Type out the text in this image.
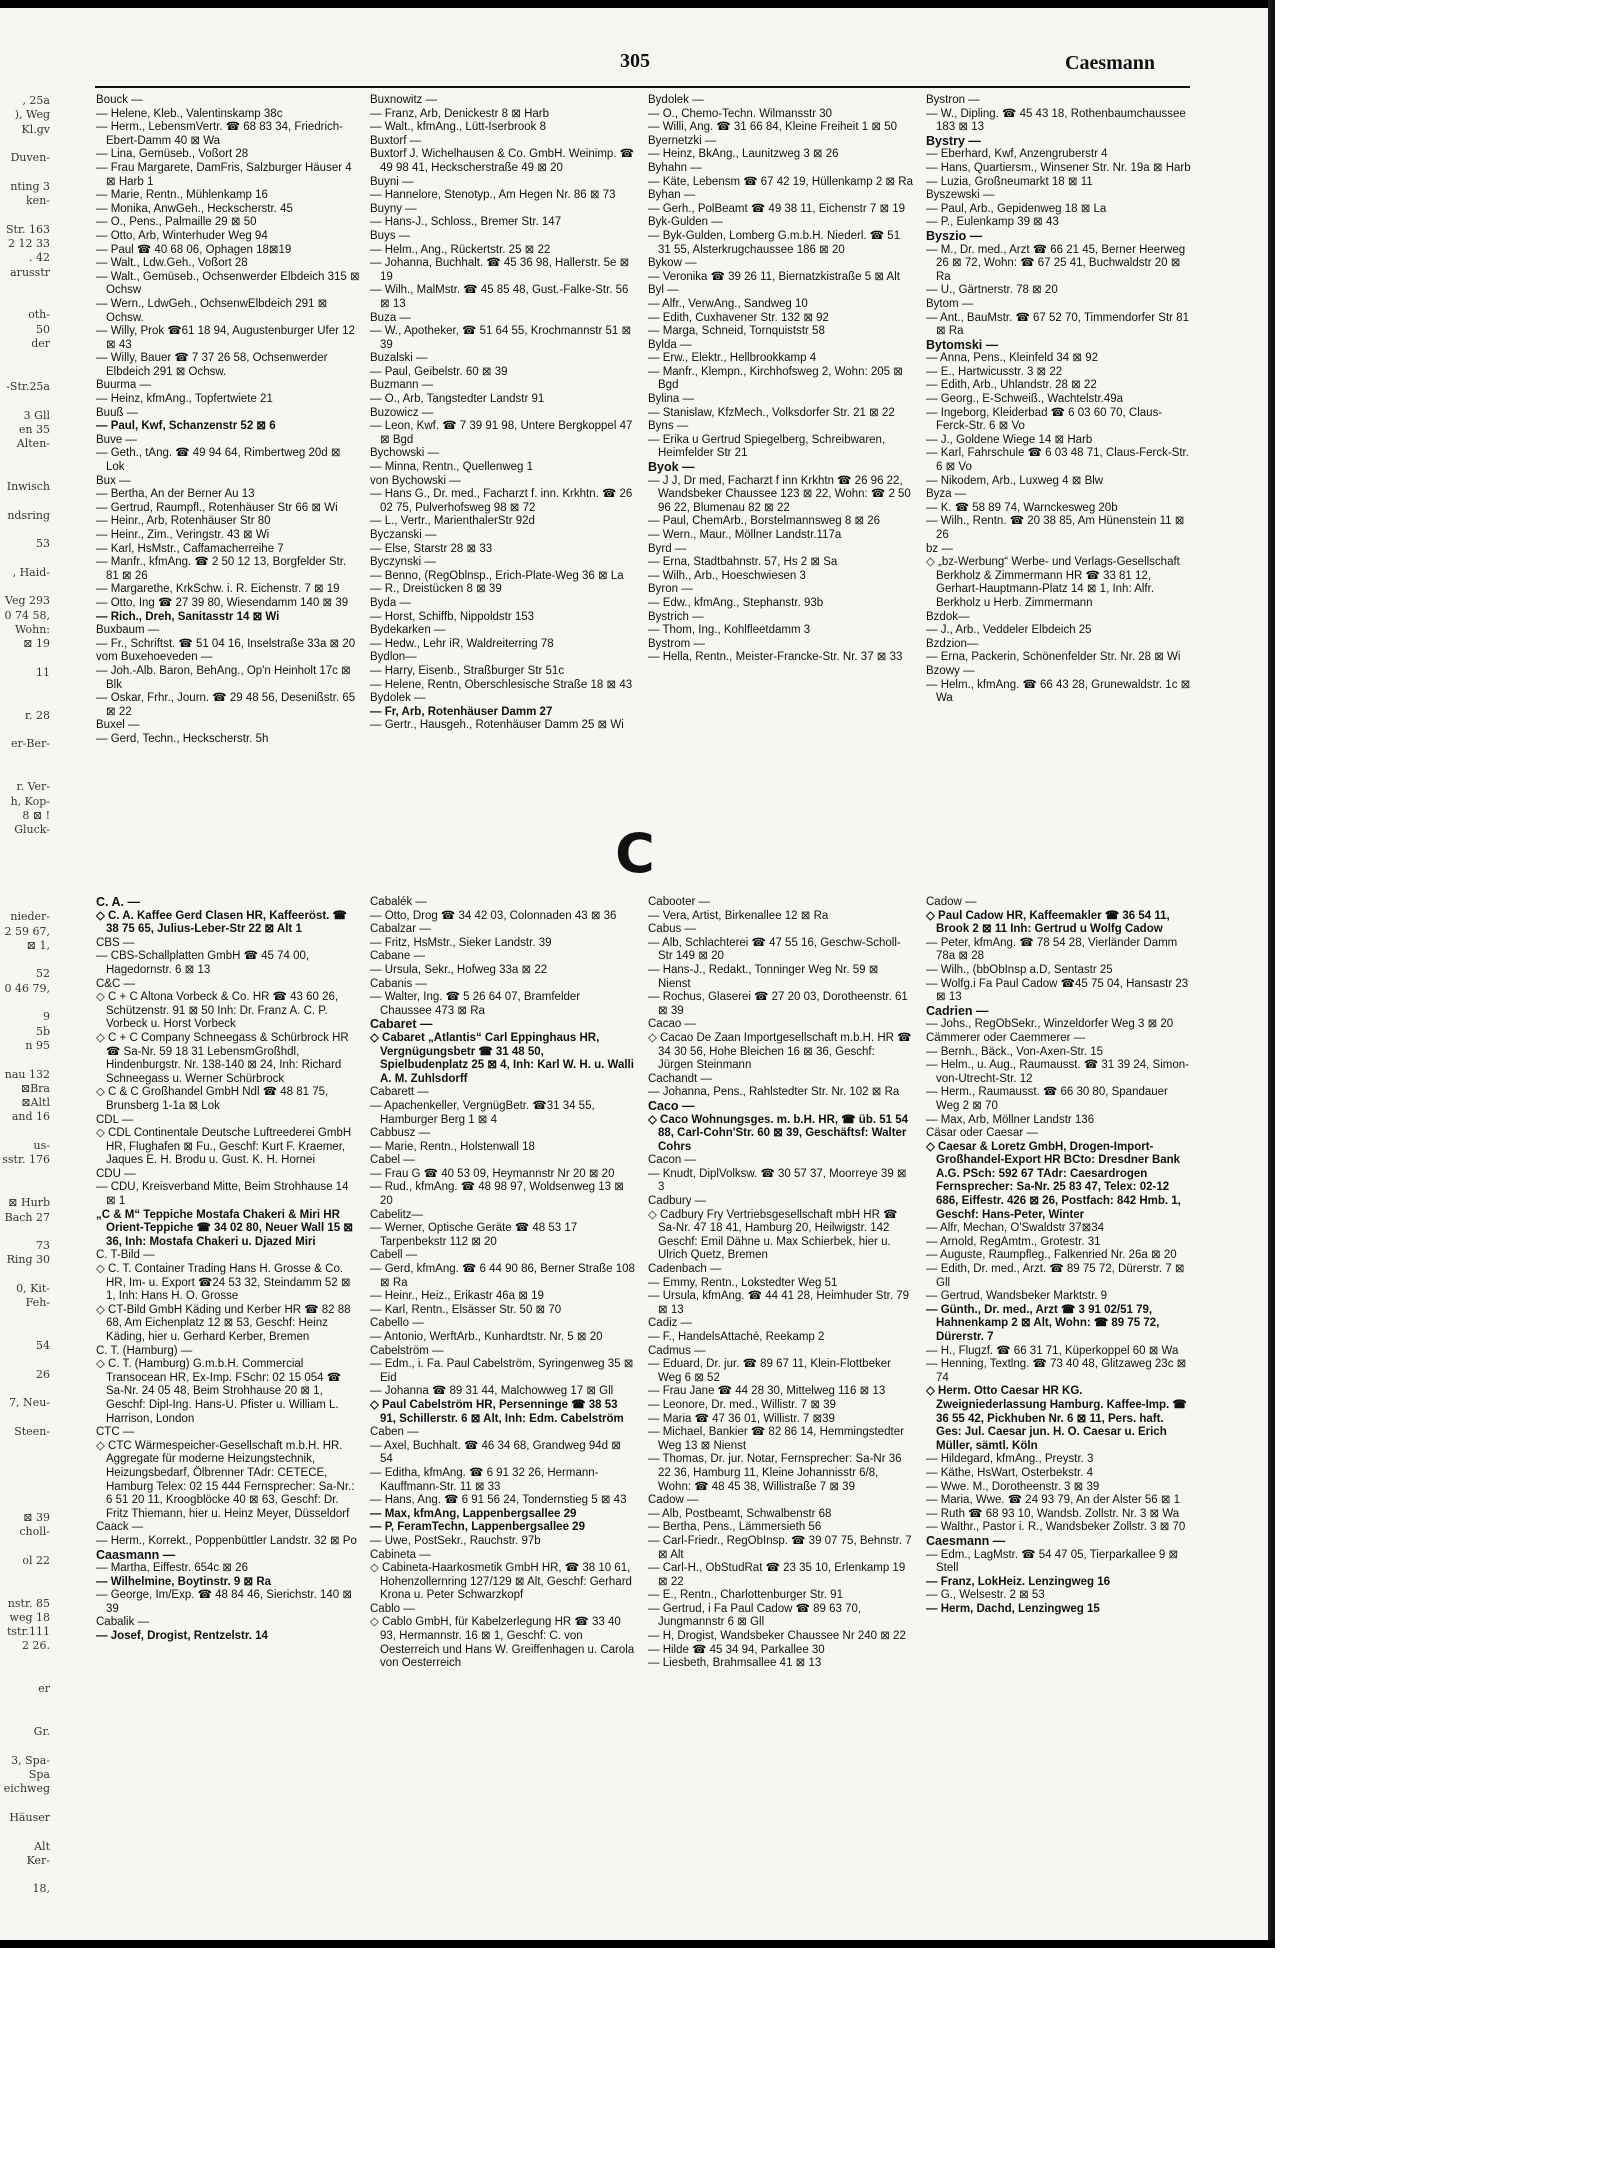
305	Caesmann
, 25a
), Weg
Kl.gv

Duven-

nting 3
ken-

Str. 163
2 12 33
. 42
arusstr

oth-
50
der

-Str.25a

3 Gll
en 35
Alten-

Inwisch

ndsring

53

, Haid-

Veg 293
0 74 58,
Wohn:
⊠ 19

11

r. 28

er-Ber-

r. Ver-
h, Kop-
8 ⊠ !
Gluck-

nieder-
2 59 67,
⊠ 1,

52
0 46 79,

9
5b
n 95

nau 132
⊠Bra
⊠Altl
and 16

us-
sstr. 176

⊠ Hurb
Bach 27

73
Ring 30

0, Kit-
Feh-

54

26

7, Neu-

Steen-

⊠ 39
choll-

ol 22

nstr. 85
weg 18
tstr.111
2 26.

er

Gr.

3, Spa-
Spa
eichweg

Häuser

Alt
Ker-

18,
Bouck —
— Helene, Kleb., Valentinskamp 38c
— Herm., LebensmVertr. ☎ 68 83 34, Friedrich-Ebert-Damm 40 ⊠ Wa
— Lina, Gemüseb., Voßort 28
— Frau Margarete, DamFris, Salzburger Häuser 4 ⊠ Harb 1
— Marie, Rentn., Mühlenkamp 16
— Monika, AnwGeh., Heckscherstr. 45
— O., Pens., Palmaille 29 ⊠ 50
— Otto, Arb, Winterhuder Weg 94
— Paul ☎ 40 68 06, Ophagen 18⊠19
— Walt., Ldw.Geh., Voßort 28
— Walt., Gemüseb., Ochsenwerder Elbdeich 315 ⊠ Ochsw
— Wern., LdwGeh., OchsenwElbdeich 291 ⊠ Ochsw.
— Willy, Prok ☎61 18 94, Augustenburger Ufer 12 ⊠ 43
— Willy, Bauer ☎ 7 37 26 58, Ochsenwerder Elbdeich 291 ⊠ Ochsw.
Buurma —
— Heinz, kfmAng., Topfertwiete 21
Buuß —
— Paul, Kwf, Schanzenstr 52 ⊠ 6
Buve —
— Geth., tAng. ☎ 49 94 64, Rimbertweg 20d ⊠ Lok
Bux —
— Bertha, An der Berner Au 13
— Gertrud, Raumpfl., Rotenhäuser Str 66 ⊠ Wi
— Heinr., Arb, Rotenhäuser Str 80
— Heinr., Zim., Veringstr. 43 ⊠ Wi
— Karl, HsMstr., Caffamacherreihe 7
— Manfr., kfmAng. ☎ 2 50 12 13, Borgfelder Str. 81 ⊠ 26
— Margarethe, KrkSchw. i. R. Eichenstr. 7 ⊠ 19
— Otto, Ing ☎ 27 39 80, Wiesendamm 140 ⊠ 39
— Rich., Dreh, Sanitasstr 14 ⊠ Wi
Buxbaum —
— Fr., Schriftst. ☎ 51 04 16, Inselstraße 33a ⊠ 20
vom Buxehoeveden —
— Joh.-Alb. Baron, BehAng., Op'n Heinholt 17c ⊠ Blk
— Oskar, Frhr., Journ. ☎ 29 48 56, Desenißstr. 65 ⊠ 22
Buxel —
— Gerd, Techn., Heckscherstr. 5h
Buxnowitz —
— Franz, Arb, Denickestr 8 ⊠ Harb
— Walt., kfmAng., Lütt-Iserbrook 8
Buxtorf —
Buxtorf J. Wichelhausen & Co. GmbH. Weinimp. ☎ 49 98 41, Heckscherstraße 49 ⊠ 20
Buyni —
— Hannelore, Stenotyp., Am Hegen Nr. 86 ⊠ 73
Buyny —
— Hans-J., Schloss., Bremer Str. 147
Buys —
— Helm., Ang., Rückertstr. 25 ⊠ 22
— Johanna, Buchhalt. ☎ 45 36 98, Hallerstr. 5e ⊠ 19
— Wilh., MalMstr. ☎ 45 85 48, Gust.-Falke-Str. 56 ⊠ 13
Buza —
— W., Apotheker, ☎ 51 64 55, Krochmannstr 51 ⊠ 39
Buzalski —
— Paul, Geibelstr. 60 ⊠ 39
Buzmann —
— O., Arb, Tangstedter Landstr 91
Buzowicz —
— Leon, Kwf. ☎ 7 39 91 98, Untere Bergkoppel 47 ⊠ Bgd
Bychowski —
— Minna, Rentn., Quellenweg 1
von Bychowski —
— Hans G., Dr. med., Facharzt f. inn. Krkhtn. ☎ 26 02 75, Pulverhofsweg 98 ⊠ 72
— L., Vertr., MarienthalerStr 92d
Byczanski —
— Else, Starstr 28 ⊠ 33
Byczynski —
— Benno, (RegOblnsp., Erich-Plate-Weg 36 ⊠ La
— R., Dreistücken 8 ⊠ 39
Byda —
— Horst, Schiffb, Nippoldstr 153
Bydekarken —
— Hedw., Lehr iR, Waldreiterring 78
Bydlon—
— Harry, Eisenb., Straßburger Str 51c
— Helene, Rentn, Oberschlesische Straße 18 ⊠ 43
Bydolek —
— Fr, Arb, Rotenhäuser Damm 27
— Gertr., Hausgeh., Rotenhäuser Damm 25 ⊠ Wi
Bydolek —
— O., Chemo-Techn. Wilmansstr 30
— Willi, Ang. ☎ 31 66 84, Kleine Freiheit 1 ⊠ 50
Byernetzki —
— Heinz, BkAng., Launitzweg 3 ⊠ 26
Byhahn —
— Käte, Lebensm ☎ 67 42 19, Hüllenkamp 2 ⊠ Ra
Byhan —
— Gerh., PolBeamt ☎ 49 38 11, Eichenstr 7 ⊠ 19
Byk-Gulden —
— Byk-Gulden, Lomberg G.m.b.H. Niederl. ☎ 51 31 55, Alsterkrugchaussee 186 ⊠ 20
Bykow —
— Veronika ☎ 39 26 11, Biernatzkistraße 5 ⊠ Alt
Byl —
— Alfr., VerwAng., Sandweg 10
— Edith, Cuxhavener Str. 132 ⊠ 92
— Marga, Schneid, Tornquiststr 58
Bylda —
— Erw., Elektr., Hellbrookkamp 4
— Manfr., Klempn., Kirchhofsweg 2, Wohn: 205 ⊠ Bgd
Bylina —
— Stanislaw, KfzMech., Volksdorfer Str. 21 ⊠ 22
Byns —
— Erika u Gertrud Spiegelberg, Schreibwaren, Heimfelder Str 21
Byok —
— J J, Dr med, Facharzt f inn Krkhtn ☎ 26 96 22, Wandsbeker Chaussee 123 ⊠ 22, Wohn: ☎ 2 50 96 22, Blumenau 82 ⊠ 22
— Paul, ChemArb., Borstelmannsweg 8 ⊠ 26
— Wern., Maur., Möllner Landstr.117a
Byrd —
— Erna, Stadtbahnstr. 57, Hs 2 ⊠ Sa
— Wilh., Arb., Hoeschwiesen 3
Byron —
— Edw., kfmAng., Stephanstr. 93b
Bystrich —
— Thom, Ing., Kohlfleetdamm 3
Bystrom —
— Hella, Rentn., Meister-Francke-Str. Nr. 37 ⊠ 33
Bystron —
— W., Dipling. ☎ 45 43 18, Rothenbaumchaussee 183 ⊠ 13
Bystry —
— Eberhard, Kwf, Anzengruberstr 4
— Hans, Quartiersm., Winsener Str. Nr. 19a ⊠ Harb
— Luzia, Großneumarkt 18 ⊠ 11
Byszewski —
— Paul, Arb., Gepidenweg 18 ⊠ La
— P., Eulenkamp 39 ⊠ 43
Byszio —
— M., Dr. med., Arzt ☎ 66 21 45, Berner Heerweg 26 ⊠ 72, Wohn: ☎ 67 25 41, Buchwaldstr 20 ⊠ Ra
— U., Gärtnerstr. 78 ⊠ 20
Bytom —
— Ant., BauMstr. ☎ 67 52 70, Timmendorfer Str 81 ⊠ Ra
Bytomski —
— Anna, Pens., Kleinfeld 34 ⊠ 92
— E., Hartwicusstr. 3 ⊠ 22
— Edith, Arb., Uhlandstr. 28 ⊠ 22
— Georg., E-Schweiß., Wachtelstr.49a
— Ingeborg, Kleiderbad ☎ 6 03 60 70, Claus-Ferck-Str. 6 ⊠ Vo
— J., Goldene Wiege 14 ⊠ Harb
— Karl, Fahrschule ☎ 6 03 48 71, Claus-Ferck-Str. 6 ⊠ Vo
— Nikodem, Arb., Luxweg 4 ⊠ Blw
Byza —
— K. ☎ 58 89 74, Warnckesweg 20b
— Wilh., Rentn. ☎ 20 38 85, Am Hünenstein 11 ⊠ 26
bz —
◇ „bz-Werbung“ Werbe- und Verlags-Gesellschaft Berkholz & Zimmermann HR ☎ 33 81 12, Gerhart-Hauptmann-Platz 14 ⊠ 1, Inh: Alfr. Berkholz u Herb. Zimmermann
Bzdok—
— J., Arb., Veddeler Elbdeich 25
Bzdzion—
— Erna, Packerin, Schönenfelder Str. Nr. 28 ⊠ Wi
Bzowy —
— Helm., kfmAng. ☎ 66 43 28, Grunewaldstr. 1c ⊠ Wa
C
C. A. —
◇ C. A. Kaffee Gerd Clasen HR, Kaffeeröst. ☎ 38 75 65, Julius-Leber-Str 22 ⊠ Alt 1
CBS —
— CBS-Schallplatten GmbH ☎ 45 74 00, Hagedornstr. 6 ⊠ 13
C&C —
◇ C + C Altona Vorbeck & Co. HR ☎ 43 60 26, Schützenstr. 91 ⊠ 50 Inh: Dr. Franz A. C. P. Vorbeck u. Horst Vorbeck
◇ C + C Company Schneegass & Schürbrock HR ☎ Sa-Nr. 59 18 31 LebensmGroßhdl, Hindenburgstr. Nr. 138-140 ⊠ 24, Inh: Richard Schneegass u. Werner Schürbrock
◇ C & C Großhandel GmbH Ndl ☎ 48 81 75, Brunsberg 1-1a ⊠ Lok
CDL —
◇ CDL Continentale Deutsche Luftreederei GmbH HR, Flughafen ⊠ Fu., Geschf: Kurt F. Kraemer, Jaques E. H. Brodu u. Gust. K. H. Hornei
CDU —
— CDU, Kreisverband Mitte, Beim Strohhause 14 ⊠ 1
„C & M“ Teppiche Mostafa Chakeri & Miri HR Orient-Teppiche ☎ 34 02 80, Neuer Wall 15 ⊠ 36, Inh: Mostafa Chakeri u. Djazed Miri
C. T-Bild —
◇ C. T. Container Trading Hans H. Grosse & Co. HR, Im- u. Export ☎24 53 32, Steindamm 52 ⊠ 1, Inh: Hans H. O. Grosse
◇ CT-Bild GmbH Käding und Kerber HR ☎ 82 88 68, Am Eichenplatz 12 ⊠ 53, Geschf: Heinz Käding, hier u. Gerhard Kerber, Bremen
C. T. (Hamburg) —
◇ C. T. (Hamburg) G.m.b.H. Commercial Transocean HR, Ex-Imp. FSchr: 02 15 054 ☎ Sa-Nr. 24 05 48, Beim Strohhause 20 ⊠ 1, Geschf: Dipl-Ing. Hans-U. Pfister u. William L. Harrison, London
CTC —
◇ CTC Wärmespeicher-Gesellschaft m.b.H. HR. Aggregate für moderne Heizungstechnik, Heizungsbedarf, Ölbrenner TAdr: CETECE, Hamburg Telex: 02 15 444 Fernsprecher: Sa-Nr.: 6 51 20 11, Kroogblöcke 40 ⊠ 63, Geschf: Dr. Fritz Thiemann, hier u. Heinz Meyer, Düsseldorf
Caack —
— Herm., Korrekt., Poppenbüttler Landstr. 32 ⊠ Po
Caasmann —
— Martha, Eiffestr. 654c ⊠ 26
— Wilhelmine, Boytinstr. 9 ⊠ Ra
— George, Im/Exp. ☎ 48 84 46, Sierichstr. 140 ⊠ 39
Cabalik —
— Josef, Drogist, Rentzelstr. 14
Cabalék —
— Otto, Drog ☎ 34 42 03, Colonnaden 43 ⊠ 36
Cabalzar —
— Fritz, HsMstr., Sieker Landstr. 39
Cabane —
— Ursula, Sekr., Hofweg 33a ⊠ 22
Cabanis —
— Walter, Ing. ☎ 5 26 64 07, Bramfelder Chaussee 473 ⊠ Ra
Cabaret —
◇ Cabaret „Atlantis“ Carl Eppinghaus HR, Vergnügungsbetr ☎ 31 48 50, Spielbudenplatz 25 ⊠ 4, Inh: Karl W. H. u. Walli A. M. Zuhlsdorff
Cabarett —
— Apachenkeller, VergnügBetr. ☎31 34 55, Hamburger Berg 1 ⊠ 4
Cabbusz —
— Marie, Rentn., Holstenwall 18
Cabel —
— Frau G ☎ 40 53 09, Heymannstr Nr 20 ⊠ 20
— Rud., kfmAng. ☎ 48 98 97, Woldsenweg 13 ⊠ 20
Cabelitz—
— Werner, Optische Geräte ☎ 48 53 17 Tarpenbekstr 112 ⊠ 20
Cabell —
— Gerd, kfmAng. ☎ 6 44 90 86, Berner Straße 108 ⊠ Ra
— Heinr., Heiz., Erikastr 46a ⊠ 19
— Karl, Rentn., Elsässer Str. 50 ⊠ 70
Cabello —
— Antonio, WerftArb., Kunhardtstr. Nr. 5 ⊠ 20
Cabelström —
— Edm., i. Fa. Paul Cabelström, Syringenweg 35 ⊠ Eid
— Johanna ☎ 89 31 44, Malchowweg 17 ⊠ Gll
◇ Paul Cabelström HR, Persenninge ☎ 38 53 91, Schillerstr. 6 ⊠ Alt, Inh: Edm. Cabelström
Caben —
— Axel, Buchhalt. ☎ 46 34 68, Grandweg 94d ⊠ 54
— Editha, kfmAng. ☎ 6 91 32 26, Hermann-Kauffmann-Str. 11 ⊠ 33
— Hans, Ang. ☎ 6 91 56 24, Tondernstieg 5 ⊠ 43
— Max, kfmAng, Lappenbergsallee 29
— P, FeramTechn, Lappenbergsallee 29
— Uwe, PostSekr., Rauchstr. 97b
Cabineta —
◇ Cabineta-Haarkosmetik GmbH HR, ☎ 38 10 61, Hohenzollernring 127/129 ⊠ Alt, Geschf: Gerhard Krona u. Peter Schwarzkopf
Cablo —
◇ Cablo GmbH, für Kabelzerlegung HR ☎ 33 40 93, Hermannstr. 16 ⊠ 1, Geschf: C. von Oesterreich und Hans W. Greiffenhagen u. Carola von Oesterreich
Cabooter —
— Vera, Artist, Birkenallee 12 ⊠ Ra
Cabus —
— Alb, Schlachterei ☎ 47 55 16, Geschw-Scholl-Str 149 ⊠ 20
— Hans-J., Redakt., Tonninger Weg Nr. 59 ⊠ Nienst
— Rochus, Glaserei ☎ 27 20 03, Dorotheenstr. 61 ⊠ 39
Cacao —
◇ Cacao De Zaan Importgesellschaft m.b.H. HR ☎ 34 30 56, Hohe Bleichen 16 ⊠ 36, Geschf: Jürgen Steinmann
Cachandt —
— Johanna, Pens., Rahlstedter Str. Nr. 102 ⊠ Ra
Caco —
◇ Caco Wohnungsges. m. b.H. HR, ☎ üb. 51 54 88, Carl-Cohn'Str. 60 ⊠ 39, Geschäftsf: Walter Cohrs
Cacon —
— Knudt, DiplVolksw. ☎ 30 57 37, Moorreye 39 ⊠ 3
Cadbury —
◇ Cadbury Fry Vertriebsgesellschaft mbH HR ☎ Sa-Nr. 47 18 41, Hamburg 20, Heilwigstr. 142 Geschf: Emil Dähne u. Max Schierbek, hier u. Ulrich Quetz, Bremen
Cadenbach —
— Emmy, Rentn., Lokstedter Weg 51
— Ursula, kfmAng. ☎ 44 41 28, Heimhuder Str. 79 ⊠ 13
Cadiz —
— F., HandelsAttaché, Reekamp 2
Cadmus —
— Eduard, Dr. jur. ☎ 89 67 11, Klein-Flottbeker Weg 6 ⊠ 52
— Frau Jane ☎ 44 28 30, Mittelweg 116 ⊠ 13
— Leonore, Dr. med., Willistr. 7 ⊠ 39
— Maria ☎ 47 36 01, Willistr. 7 ⊠39
— Michael, Bankier ☎ 82 86 14, Hemmingstedter Weg 13 ⊠ Nienst
— Thomas, Dr. jur. Notar, Fernsprecher: Sa-Nr 36 22 36, Hamburg 11, Kleine Johannisstr 6/8, Wohn: ☎ 48 45 38, Willistraße 7 ⊠ 39
Cadow —
— Alb, Postbeamt, Schwalbenstr 68
— Bertha, Pens., Lämmersieth 56
— Carl-Friedr., RegObInsp. ☎ 39 07 75, Behnstr. 7 ⊠ Alt
— Carl-H., ObStudRat ☎ 23 35 10, Erlenkamp 19 ⊠ 22
— E., Rentn., Charlottenburger Str. 91
— Gertrud, i Fa Paul Cadow ☎ 89 63 70, Jungmannstr 6 ⊠ Gll
— H, Drogist, Wandsbeker Chaussee Nr 240 ⊠ 22
— Hilde ☎ 45 34 94, Parkallee 30
— Liesbeth, Brahmsallee 41 ⊠ 13
Cadow —
◇ Paul Cadow HR, Kaffeemakler ☎ 36 54 11, Brook 2 ⊠ 11 Inh: Gertrud u Wolfg Cadow
— Peter, kfmAng. ☎ 78 54 28, Vierländer Damm 78a ⊠ 28
— Wilh., (bbObInsp a.D, Sentastr 25
— Wolfg.i Fa Paul Cadow ☎45 75 04, Hansastr 23 ⊠ 13
Cadrien —
— Johs., RegObSekr., Winzeldorfer Weg 3 ⊠ 20
Cämmerer oder Caemmerer —
— Bernh., Bäck., Von-Axen-Str. 15
— Helm., u. Aug., Raumausst. ☎ 31 39 24, Simon-von-Utrecht-Str. 12
— Herm., Raumausst. ☎ 66 30 80, Spandauer Weg 2 ⊠ 70
— Max, Arb, Möllner Landstr 136
Cäsar oder Caesar —
◇ Caesar & Loretz GmbH, Drogen-Import-Großhandel-Export HR BCto: Dresdner Bank A.G. PSch: 592 67 TAdr: Caesardrogen Fernsprecher: Sa-Nr. 25 83 47, Telex: 02-12 686, Eiffestr. 426 ⊠ 26, Postfach: 842 Hmb. 1, Geschf: Hans-Peter, Winter
— Alfr, Mechan, O'Swaldstr 37⊠34
— Arnold, RegAmtm., Grotestr. 31
— Auguste, Raumpfleg., Falkenried Nr. 26a ⊠ 20
— Edith, Dr. med., Arzt. ☎ 89 75 72, Dürerstr. 7 ⊠ Gll
— Gertrud, Wandsbeker Marktstr. 9
— Günth., Dr. med., Arzt ☎ 3 91 02/51 79, Hahnenkamp 2 ⊠ Alt, Wohn: ☎ 89 75 72, Dürerstr. 7
— H., Flugzf. ☎ 66 31 71, Küperkoppel 60 ⊠ Wa
— Henning, Textlng. ☎ 73 40 48, Glitzaweg 23c ⊠ 74
◇ Herm. Otto Caesar HR KG. Zweigniederlassung Hamburg. Kaffee-Imp. ☎ 36 55 42, Pickhuben Nr. 6 ⊠ 11, Pers. haft. Ges: Jul. Caesar jun. H. O. Caesar u. Erich Müller, sämtl. Köln
— Hildegard, kfmAng., Preystr. 3
— Käthe, HsWart, Osterbekstr. 4
— Wwe. M., Dorotheenstr. 3 ⊠ 39
— Maria, Wwe. ☎ 24 93 79, An der Alster 56 ⊠ 1
— Ruth ☎ 68 93 10, Wandsb. Zollstr. Nr. 3 ⊠ Wa
— Walthr., Pastor i. R., Wandsbeker Zollstr. 3 ⊠ 70
Caesmann —
— Edm., LagMstr. ☎ 54 47 05, Tierparkallee 9 ⊠ Stell
— Franz, LokHeiz. Lenzingweg 16
— G., Welsestr. 2 ⊠ 53
— Herm, Dachd, Lenzingweg 15
